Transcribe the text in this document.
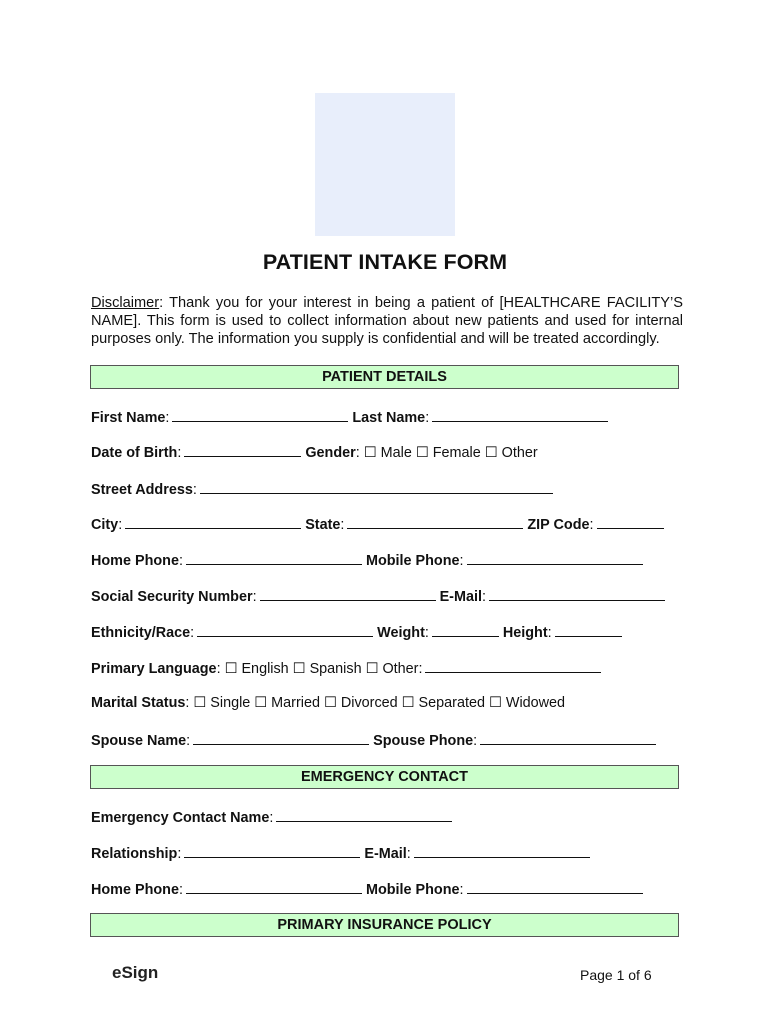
PATIENT INTAKE FORM
Disclaimer: Thank you for your interest in being a patient of [HEALTHCARE FACILITY’S NAME]. This form is used to collect information about new patients and used for internal purposes only. The information you supply is confidential and will be treated accordingly.
PATIENT DETAILS
First Name:	Last Name:
Date of Birth:	Gender: ☐ Male ☐ Female ☐ Other
Street Address:
City:	State:	ZIP Code:
Home Phone:	Mobile Phone:
Social Security Number:	E-Mail:
Ethnicity/Race:	Weight:	Height:
Primary Language: ☐ English ☐ Spanish ☐ Other:
Marital Status: ☐ Single ☐ Married ☐ Divorced ☐ Separated ☐ Widowed
Spouse Name:	Spouse Phone:
EMERGENCY CONTACT
Emergency Contact Name:
Relationship:	E-Mail:
Home Phone:	Mobile Phone:
PRIMARY INSURANCE POLICY
eSign	Page 1 of 6
